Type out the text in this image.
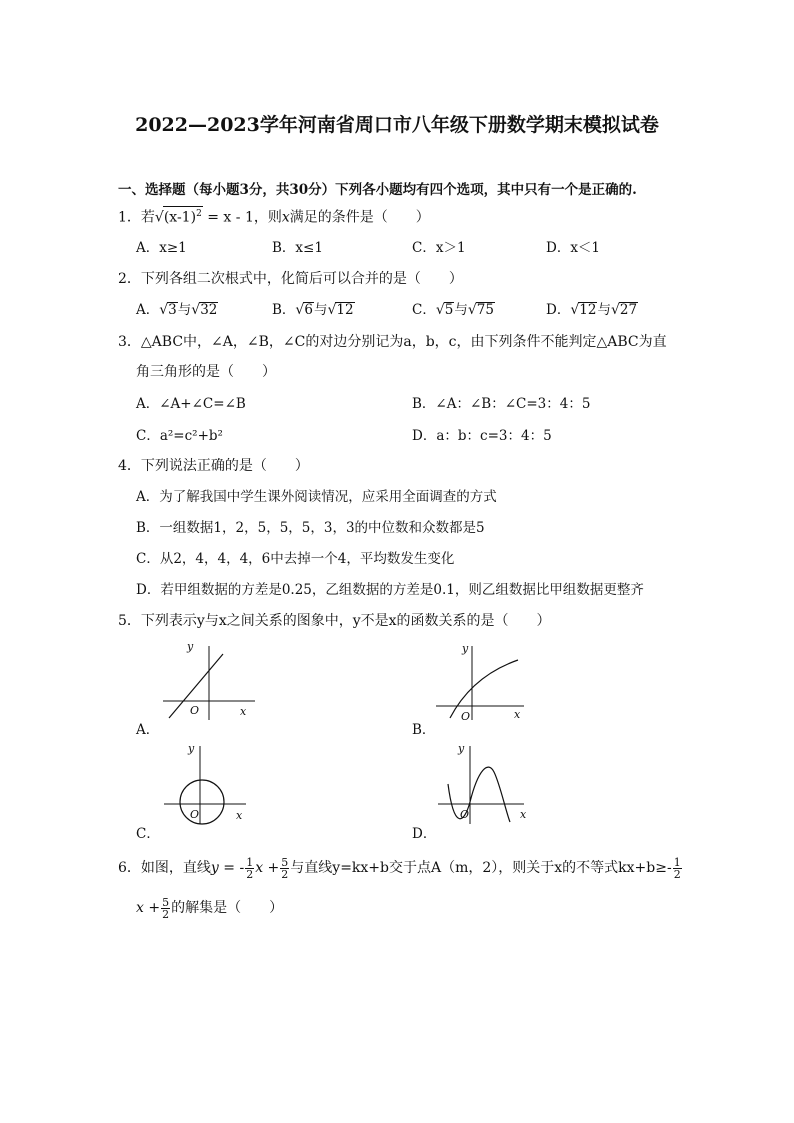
2022—2023学年河南省周口市八年级下册数学期末模拟试卷
一、选择题（每小题3分，共30分）下列各小题均有四个选项，其中只有一个是正确的.
1．若$√(x-1)^2 = x - 1$，则x满足的条件是（　　）
A．x≥1	B．x≤1	C．x＞1	D．x＜1
2．下列各组二次根式中，化简后可以合并的是（　　）
A．√3与√32	B．√6与√12	C．√5与√75	D．√12与√27
3．△ABC中，∠A，∠B，∠C的对边分别记为a，b，c，由下列条件不能判定△ABC为直
角三角形的是（　　）
A．∠A+∠C=∠B	B．∠A：∠B：∠C=3：4：5
C．a²=c²+b²	D．a：b：c=3：4：5
4．下列说法正确的是（　　）
A．为了解我国中学生课外阅读情况，应采用全面调查的方式
B．一组数据1，2，5，5，5，3，3的中位数和众数都是5
C．从2，4，4，4，6中去掉一个4，平均数发生变化
D．若甲组数据的方差是0.25，乙组数据的方差是0.1，则乙组数据比甲组数据更整齐
5．下列表示y与x之间关系的图象中，y不是x的函数关系的是（　　）
x
y
O
A．
x
y
O
B．
x
y
O
C．
x
y
O
D．
6．如图，直线y = - $\frac{1}{2}$ $x + \frac{5}{2}$ 与直线y=kx+b交于点A（m，2），则关于x的不等式$kx+b\ge- \frac{1}{2}$
$x + \frac{5}{2}$ 的解集是（　　）
